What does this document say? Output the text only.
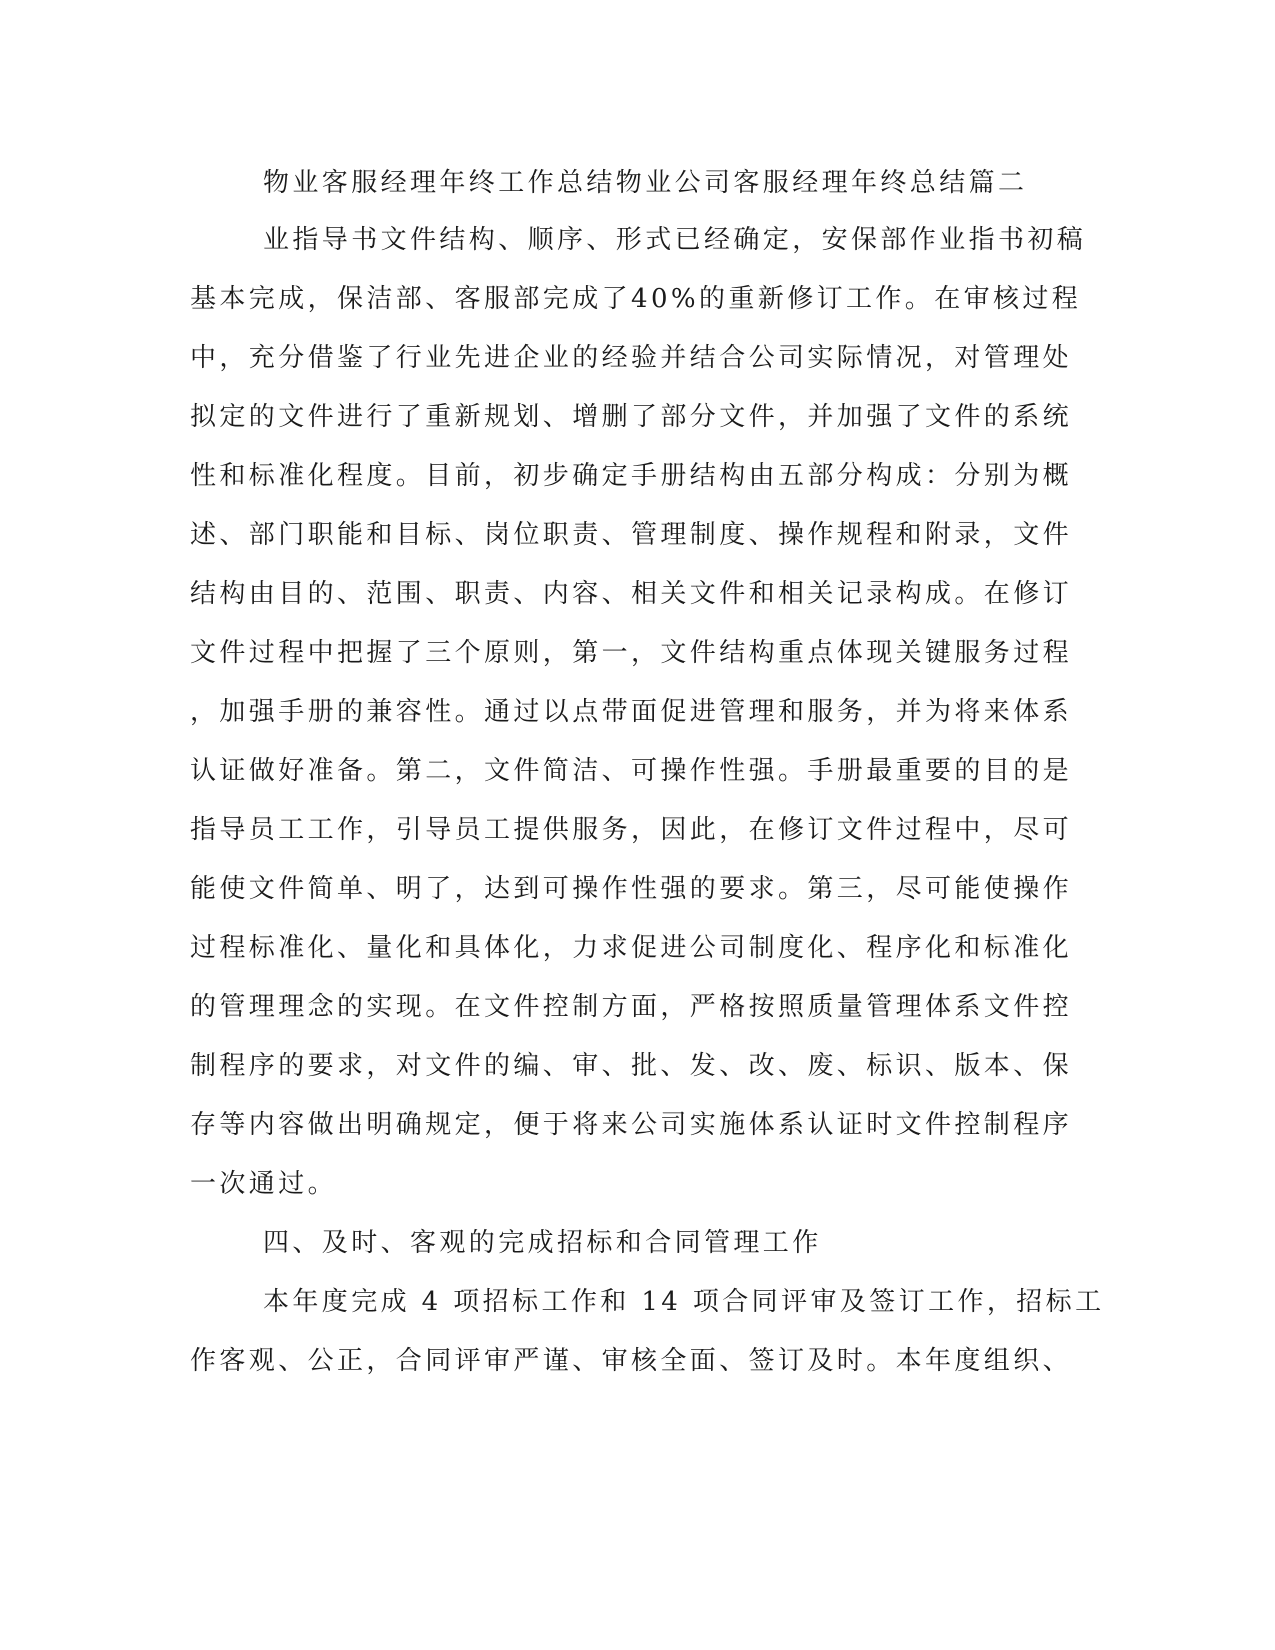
物业客服经理年终工作总结物业公司客服经理年终总结篇二
业指导书文件结构、顺序、形式已经确定，安保部作业指书初稿
基本完成，保洁部、客服部完成了40%的重新修订工作。在审核过程
中，充分借鉴了行业先进企业的经验并结合公司实际情况，对管理处
拟定的文件进行了重新规划、增删了部分文件，并加强了文件的系统
性和标准化程度。目前，初步确定手册结构由五部分构成：分别为概
述、部门职能和目标、岗位职责、管理制度、操作规程和附录，文件
结构由目的、范围、职责、内容、相关文件和相关记录构成。在修订
文件过程中把握了三个原则，第一，文件结构重点体现关键服务过程
，加强手册的兼容性。通过以点带面促进管理和服务，并为将来体系
认证做好准备。第二，文件简洁、可操作性强。手册最重要的目的是
指导员工工作，引导员工提供服务，因此，在修订文件过程中，尽可
能使文件简单、明了，达到可操作性强的要求。第三，尽可能使操作
过程标准化、量化和具体化，力求促进公司制度化、程序化和标准化
的管理理念的实现。在文件控制方面，严格按照质量管理体系文件控
制程序的要求，对文件的编、审、批、发、改、废、标识、版本、保
存等内容做出明确规定，便于将来公司实施体系认证时文件控制程序
一次通过。
四、及时、客观的完成招标和合同管理工作
本年度完成 4 项招标工作和 14 项合同评审及签订工作，招标工
作客观、公正，合同评审严谨、审核全面、签订及时。本年度组织、
